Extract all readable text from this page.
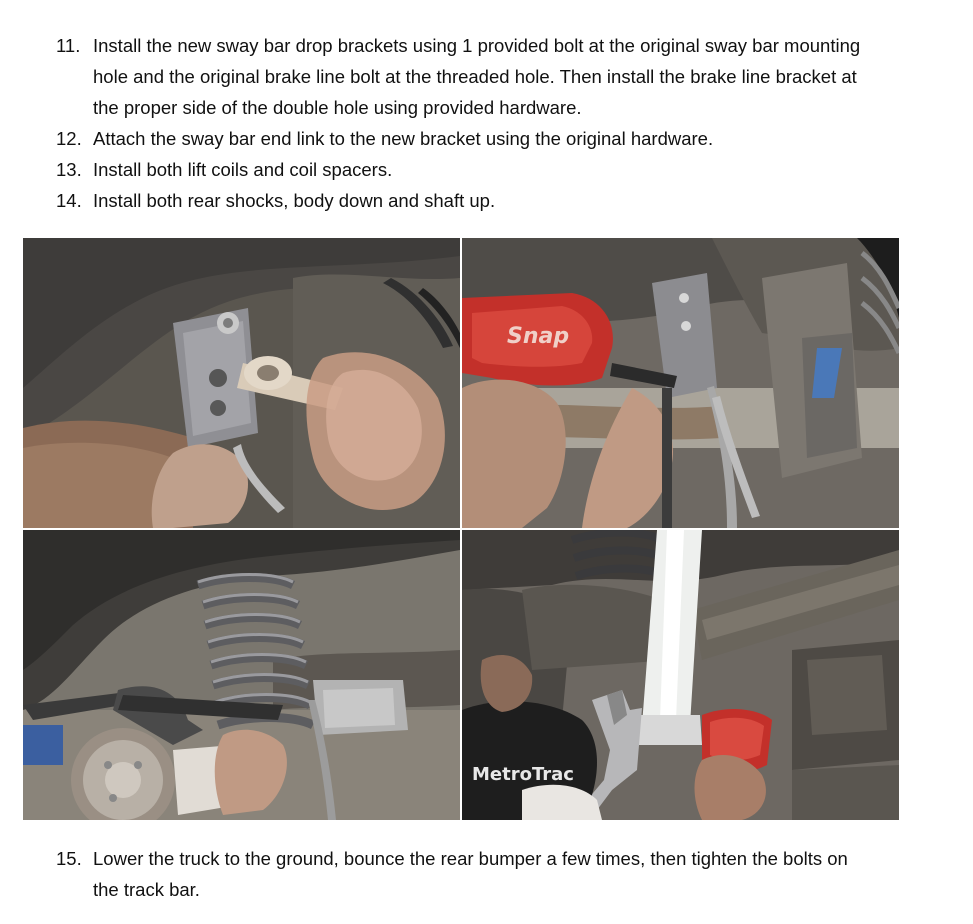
11. Install the new sway bar drop brackets using 1 provided bolt at the original sway bar mounting
hole and the original brake line bolt at the threaded hole. Then install the brake line bracket at
the proper side of the double hole using provided hardware.
12. Attach the sway bar end link to the new bracket using the original hardware.
13. Install both lift coils and coil spacers.
14. Install both rear shocks, body down and shaft up.
Snap
MetroTrac
15. Lower the truck to the ground, bounce the rear bumper a few times, then tighten the bolts on
the track bar.
